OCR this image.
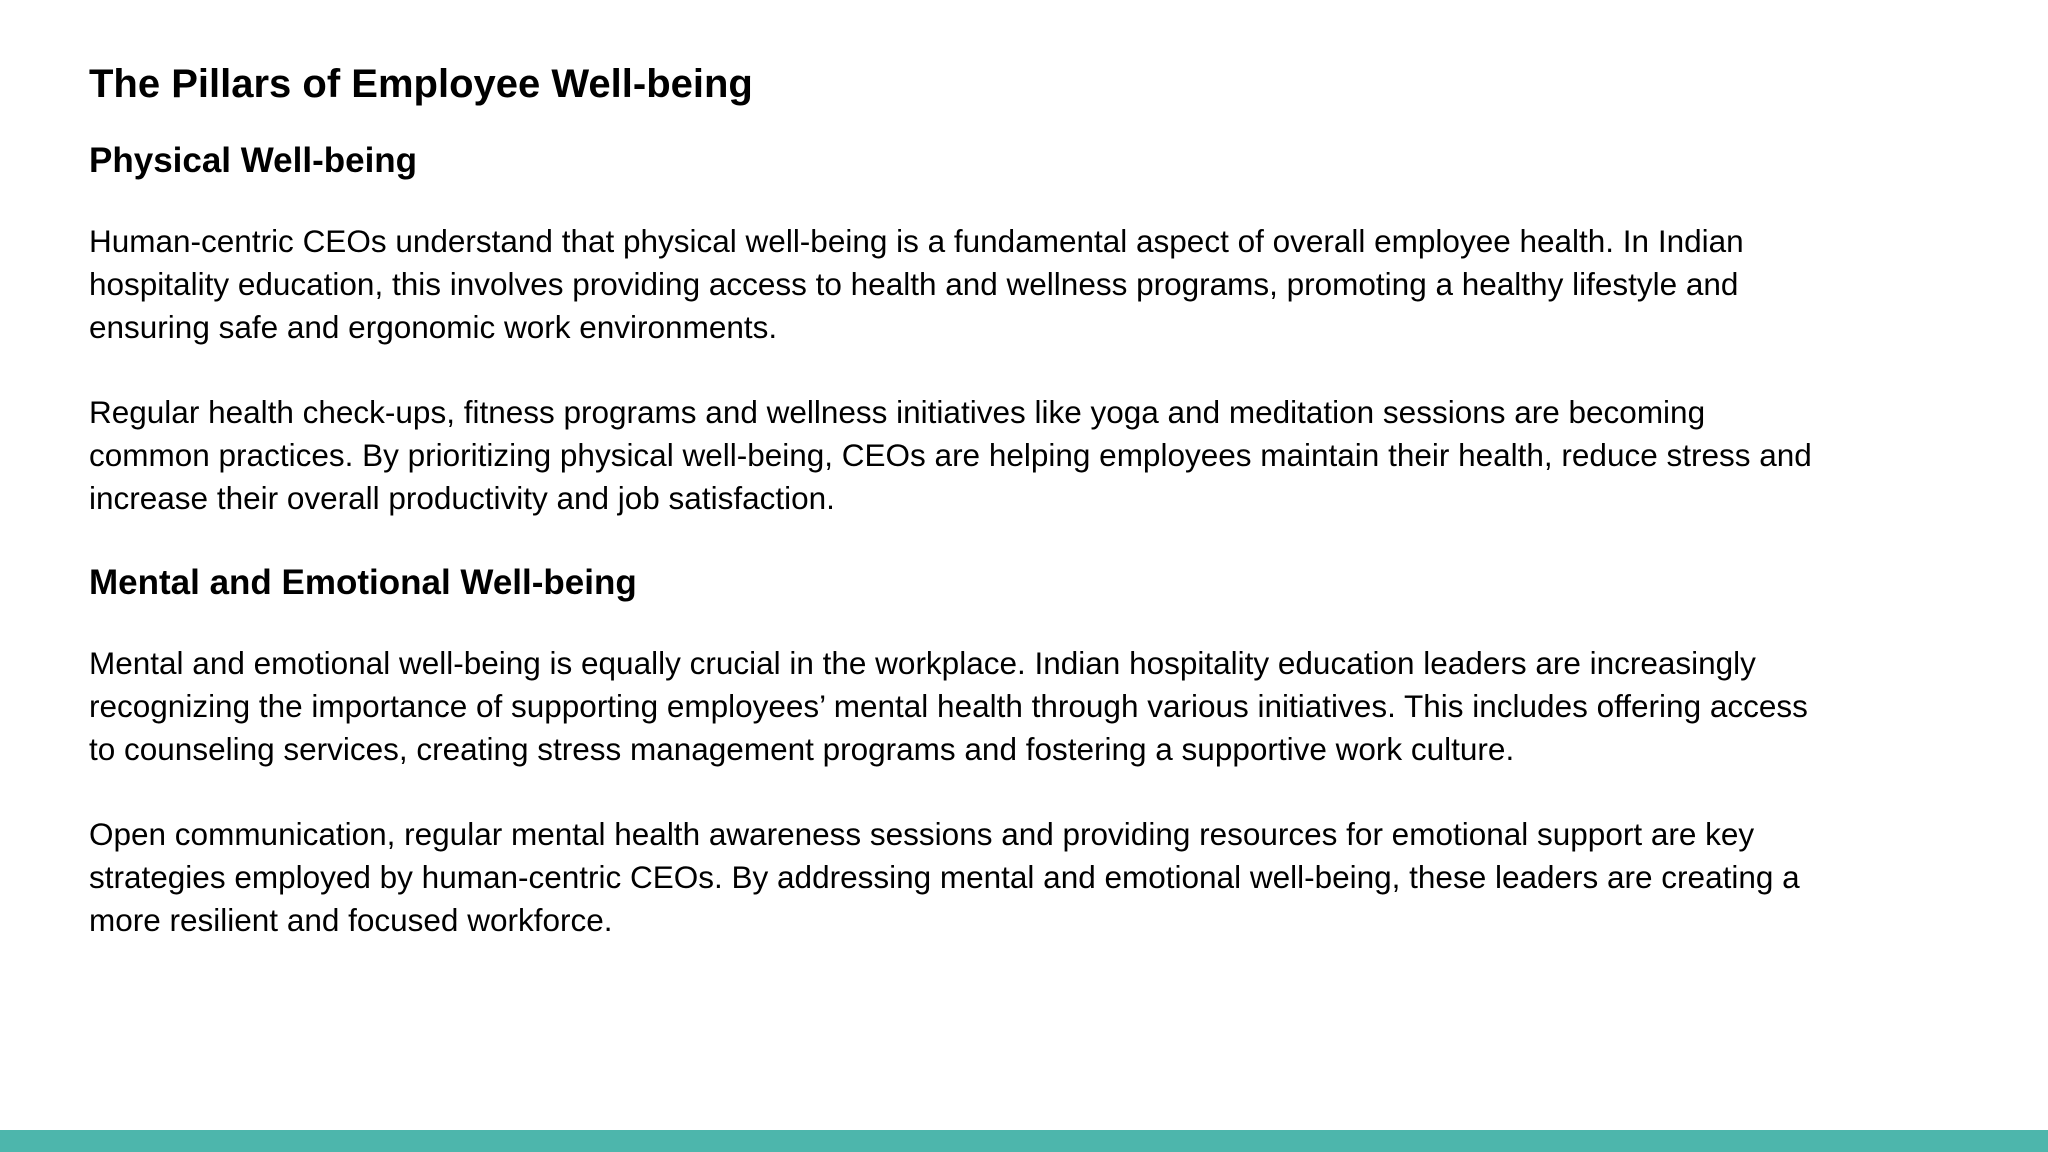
The Pillars of Employee Well-being
Physical Well-being

Human-centric CEOs understand that physical well-being is a fundamental aspect of overall employee health. In Indian
hospitality education, this involves providing access to health and wellness programs, promoting a healthy lifestyle and
ensuring safe and ergonomic work environments.

Regular health check-ups, fitness programs and wellness initiatives like yoga and meditation sessions are becoming
common practices. By prioritizing physical well-being, CEOs are helping employees maintain their health, reduce stress and
increase their overall productivity and job satisfaction.

Mental and Emotional Well-being

Mental and emotional well-being is equally crucial in the workplace. Indian hospitality education leaders are increasingly
recognizing the importance of supporting employees’ mental health through various initiatives. This includes offering access
to counseling services, creating stress management programs and fostering a supportive work culture.

Open communication, regular mental health awareness sessions and providing resources for emotional support are key
strategies employed by human-centric CEOs. By addressing mental and emotional well-being, these leaders are creating a
more resilient and focused workforce.
